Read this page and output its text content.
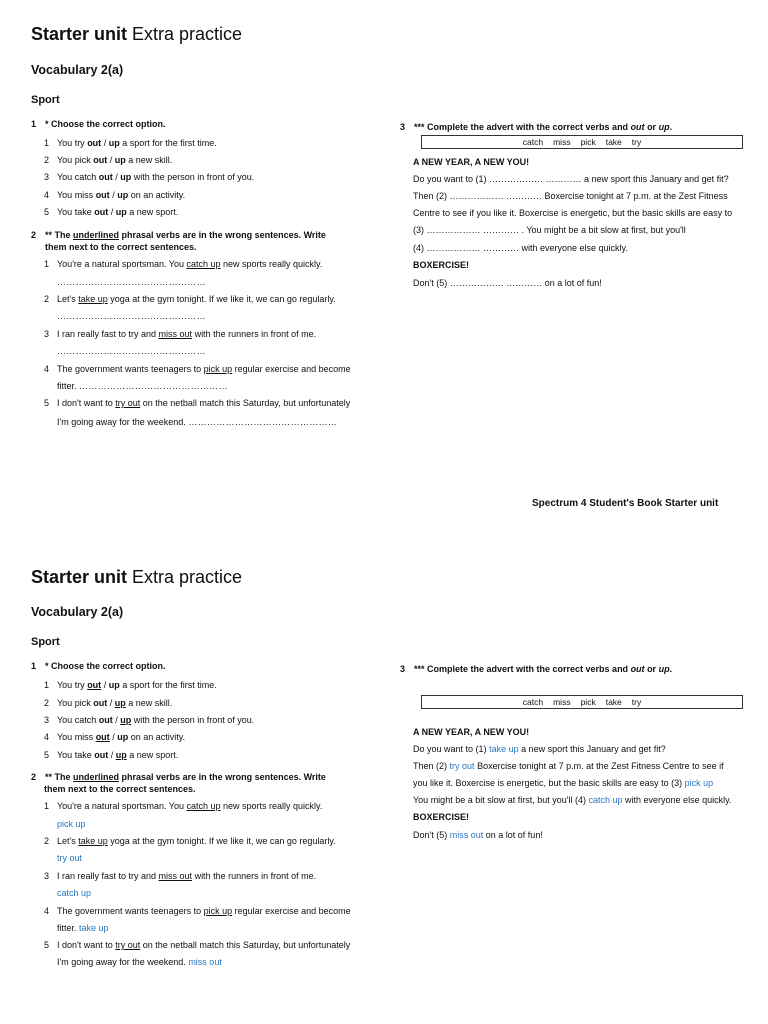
Starter unit Extra practice
Vocabulary 2(a)
Sport
1 * Choose the correct option.
1 You try out / up a sport for the first time.
2 You pick out / up a new skill.
3 You catch out / up with the person in front of you.
4 You miss out / up on an activity.
5 You take out / up a new sport.
2 ** The underlined phrasal verbs are in the wrong sentences. Write
them next to the correct sentences.
1 You're a natural sportsman. You catch up new sports really quickly.
…………………………………………
2 Let's take up yoga at the gym tonight. If we like it, we can go regularly.
…………………………………………
3 I ran really fast to try and miss out with the runners in front of me.
…………………………………………
4 The government wants teenagers to pick up regular exercise and become
fitter. …………………………………………
5 I don't want to try out on the netball match this Saturday, but unfortunately
I'm going away for the weekend. …………………………………………
3 *** Complete the advert with the correct verbs and out or up.
catch miss pick take try
A NEW YEAR, A NEW YOU!
Do you want to (1) ……………… ………… a new sport this January and get fit?
Then (2) ……………… ………… Boxercise tonight at 7 p.m. at the Zest Fitness
Centre to see if you like it. Boxercise is energetic, but the basic skills are easy to
(3) ……………… ………… . You might be a bit slow at first, but you'll
(4) ……………… ………… with everyone else quickly.
BOXERCISE!
Don't (5) ……………… ………… on a lot of fun!
Spectrum 4 Student's Book Starter unit
Starter unit Extra practice
Vocabulary 2(a)
Sport
1 * Choose the correct option.
1 You try out / up a sport for the first time.
2 You pick out / up a new skill.
3 You catch out / up with the person in front of you.
4 You miss out / up on an activity.
5 You take out / up a new sport.
2 ** The underlined phrasal verbs are in the wrong sentences. Write
them next to the correct sentences.
1 You're a natural sportsman. You catch up new sports really quickly.
pick up
2 Let's take up yoga at the gym tonight. If we like it, we can go regularly.
try out
3 I ran really fast to try and miss out with the runners in front of me.
catch up
4 The government wants teenagers to pick up regular exercise and become
fitter. take up
5 I don't want to try out on the netball match this Saturday, but unfortunately
I'm going away for the weekend. miss out
3 *** Complete the advert with the correct verbs and out or up.
catch miss pick take try
A NEW YEAR, A NEW YOU!
Do you want to (1) take up a new sport this January and get fit?
Then (2) try out Boxercise tonight at 7 p.m. at the Zest Fitness Centre to see if
you like it. Boxercise is energetic, but the basic skills are easy to (3) pick up
You might be a bit slow at first, but you'll (4) catch up with everyone else quickly.
BOXERCISE!
Don't (5) miss out on a lot of fun!
